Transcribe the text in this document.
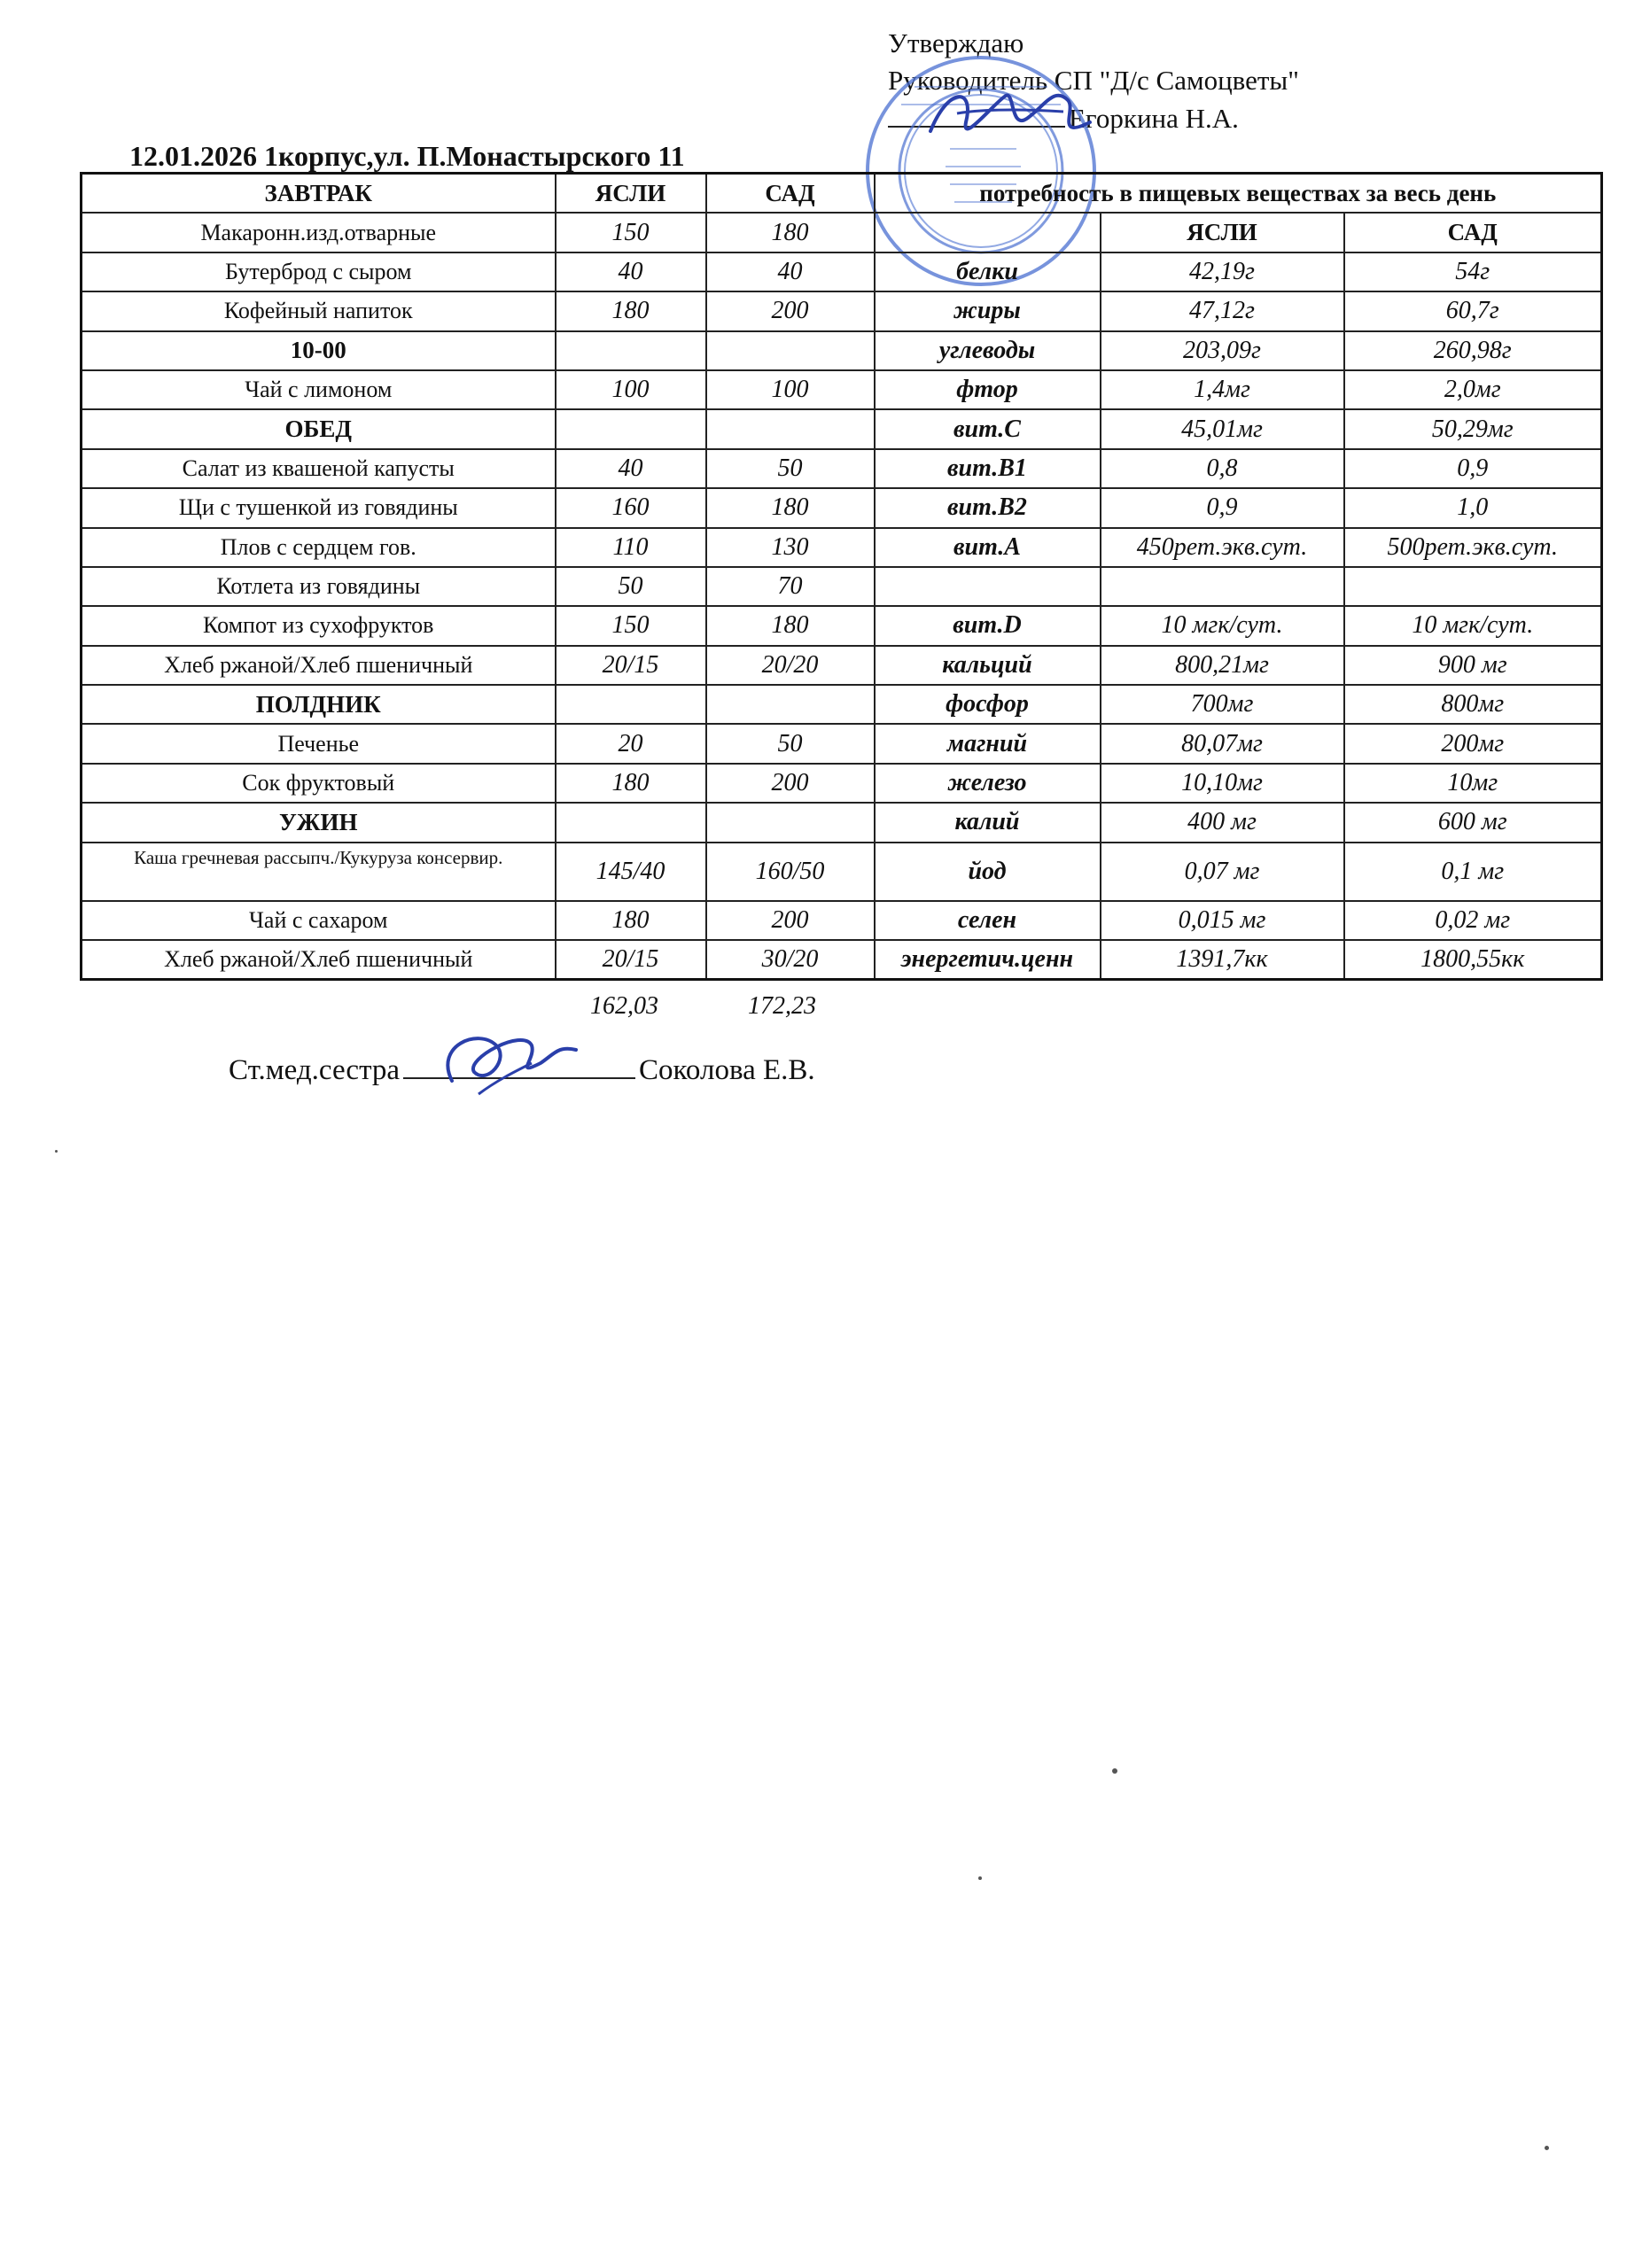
Утверждаю
Руководитель СП "Д/с Самоцветы"
Егоркина Н.А.
12.01.2026 1корпус,ул. П.Монастырского 11
ЗАВТРАК	ЯСЛИ	САД	потребность в пищевых веществах за весь день		
Макаронн.изд.отварные	150	180		ЯСЛИ	САД
Бутерброд с сыром	40	40	белки	42,19г	54г
Кофейный напиток	180	200	жиры	47,12г	60,7г
10-00			углеводы	203,09г	260,98г
Чай с лимоном	100	100	фтор	1,4мг	2,0мг
ОБЕД			вит.С	45,01мг	50,29мг
Салат из квашеной капусты	40	50	вит.В1	0,8	0,9
Щи с тушенкой из говядины	160	180	вит.В2	0,9	1,0
Плов с сердцем гов.	110	130	вит.А	450рет.экв.сут.	500рет.экв.сут.
Котлета из говядины	50	70			
Компот из сухофруктов	150	180	вит.D	10 мгк/сут.	10 мгк/сут.
Хлеб ржаной/Хлеб пшеничный	20/15	20/20	кальций	800,21мг	900 мг
ПОЛДНИК			фосфор	700мг	800мг
Печенье	20	50	магний	80,07мг	200мг
Сок фруктовый	180	200	железо	10,10мг	10мг
УЖИН			калий	400 мг	600 мг
Каша гречневая рассыпч./Кукуруза консервир.	145/40	160/50	йод	0,07 мг	0,1 мг
Чай с сахаром	180	200	селен	0,015 мг	0,02 мг
Хлеб ржаной/Хлеб пшеничный	20/15	30/20	энергетич.ценн	1391,7кк	1800,55кк
162,03	172,23
Ст.мед.сестра	Соколова Е.В.
